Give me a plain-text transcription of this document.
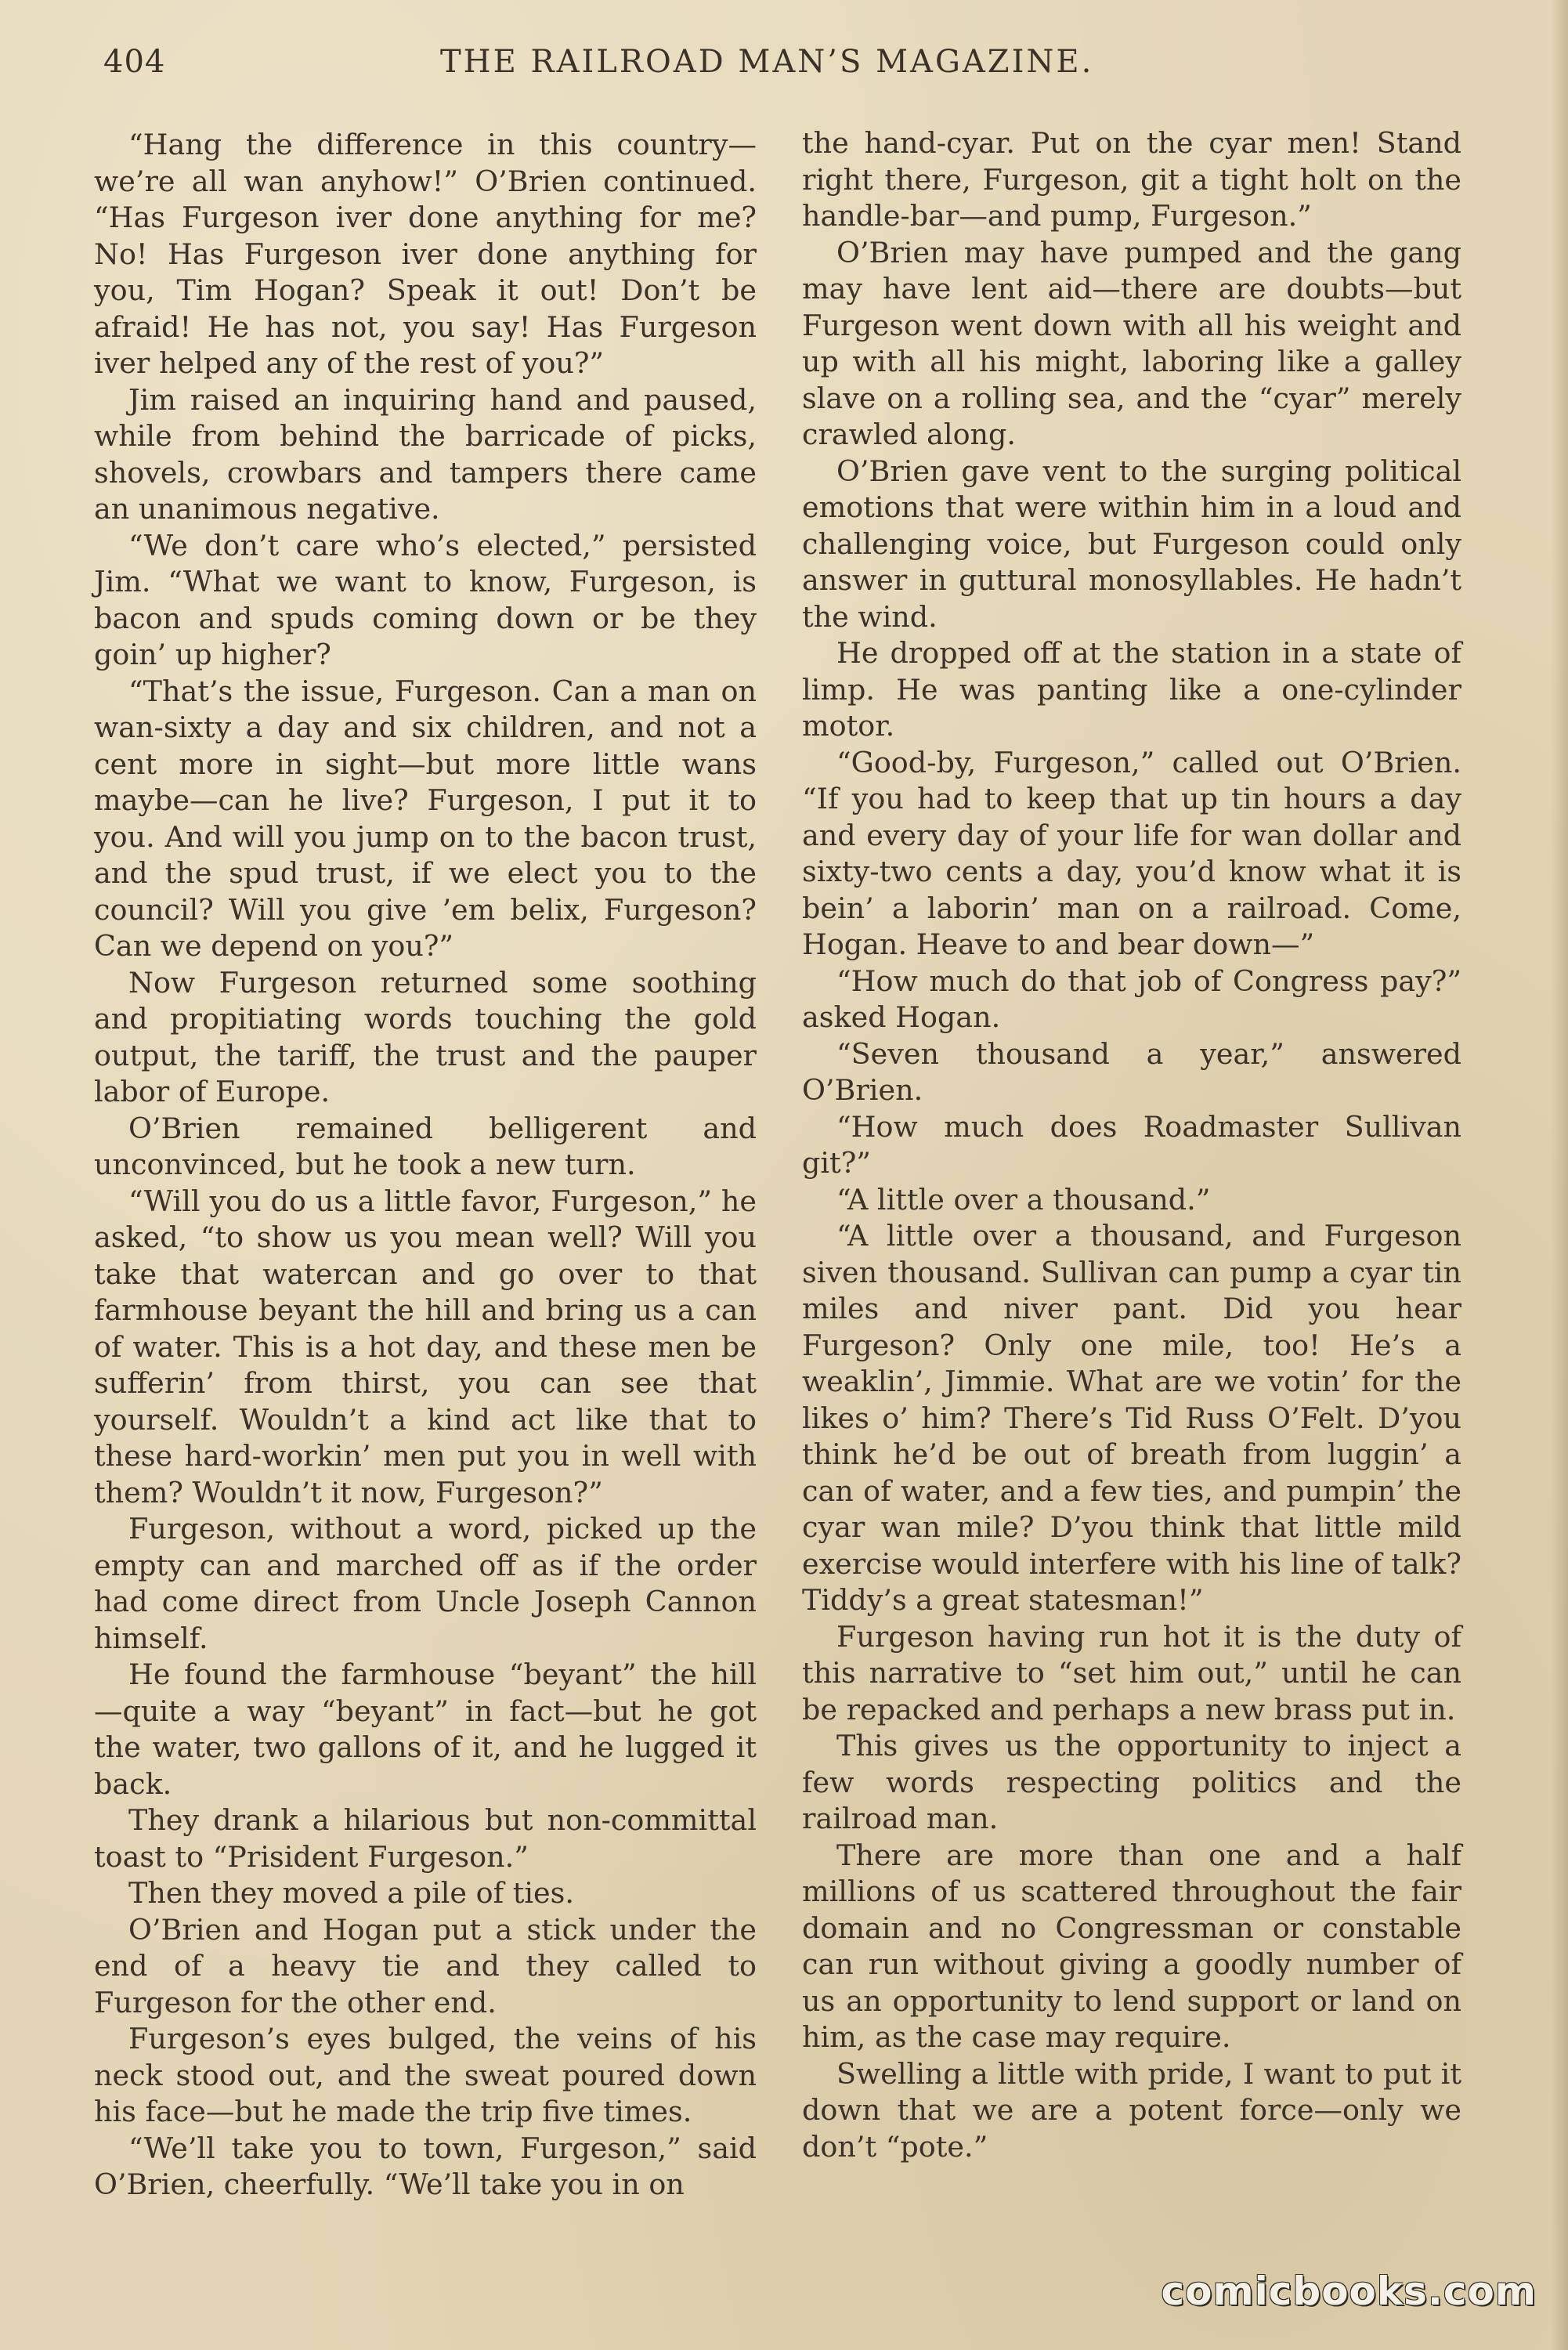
404	THE RAILROAD MAN’S MAGAZINE.

“Hang the difference in this country—we’re all wan anyhow!” O’Brien continued. “Has Furgeson iver done anything for me? No! Has Furgeson iver done anything for you, Tim Hogan? Speak it out! Don’t be afraid! He has not, you say! Has Furgeson iver helped any of the rest of you?”

Jim raised an inquiring hand and paused, while from behind the barricade of picks, shovels, crowbars and tampers there came an unanimous negative.

“We don’t care who’s elected,” persisted Jim. “What we want to know, Furgeson, is bacon and spuds coming down or be they goin’ up higher?

“That’s the issue, Furgeson. Can a man on wan-sixty a day and six children, and not a cent more in sight—but more little wans maybe—can he live? Furgeson, I put it to you. And will you jump on to the bacon trust, and the spud trust, if we elect you to the council? Will you give ’em belix, Furgeson? Can we depend on you?”

Now Furgeson returned some soothing and propitiating words touching the gold output, the tariff, the trust and the pauper labor of Europe.

O’Brien remained belligerent and unconvinced, but he took a new turn.

“Will you do us a little favor, Furgeson,” he asked, “to show us you mean well? Will you take that watercan and go over to that farmhouse beyant the hill and bring us a can of water. This is a hot day, and these men be sufferin’ from thirst, you can see that yourself. Wouldn’t a kind act like that to these hard-workin’ men put you in well with them? Wouldn’t it now, Furgeson?”

Furgeson, without a word, picked up the empty can and marched off as if the order had come direct from Uncle Joseph Cannon himself.

He found the farmhouse “beyant” the hill—quite a way “beyant” in fact—but he got the water, two gallons of it, and he lugged it back.

They drank a hilarious but non-committal toast to “Prisident Furgeson.”

Then they moved a pile of ties.

O’Brien and Hogan put a stick under the end of a heavy tie and they called to Furgeson for the other end.

Furgeson’s eyes bulged, the veins of his neck stood out, and the sweat poured down his face—but he made the trip five times.

“We’ll take you to town, Furgeson,” said O’Brien, cheerfully. “We’ll take you in on

the hand-cyar. Put on the cyar men! Stand right there, Furgeson, git a tight holt on the handle-bar—and pump, Furgeson.”

O’Brien may have pumped and the gang may have lent aid—there are doubts—but Furgeson went down with all his weight and up with all his might, laboring like a galley slave on a rolling sea, and the “cyar” merely crawled along.

O’Brien gave vent to the surging political emotions that were within him in a loud and challenging voice, but Furgeson could only answer in guttural monosyllables. He hadn’t the wind.

He dropped off at the station in a state of limp. He was panting like a one-cylinder motor.

“Good-by, Furgeson,” called out O’Brien. “If you had to keep that up tin hours a day and every day of your life for wan dollar and sixty-two cents a day, you’d know what it is bein’ a laborin’ man on a railroad. Come, Hogan. Heave to and bear down—”

“How much do that job of Congress pay?” asked Hogan.

“Seven thousand a year,” answered O’Brien.

“How much does Roadmaster Sullivan git?”

“A little over a thousand.”

“A little over a thousand, and Furgeson siven thousand. Sullivan can pump a cyar tin miles and niver pant. Did you hear Furgeson? Only one mile, too! He’s a weaklin’, Jimmie. What are we votin’ for the likes o’ him? There’s Tid Russ O’Felt. D’you think he’d be out of breath from luggin’ a can of water, and a few ties, and pumpin’ the cyar wan mile? D’you think that little mild exercise would interfere with his line of talk? Tiddy’s a great statesman!”

Furgeson having run hot it is the duty of this narrative to “set him out,” until he can be repacked and perhaps a new brass put in.

This gives us the opportunity to inject a few words respecting politics and the railroad man.

There are more than one and a half millions of us scattered throughout the fair domain and no Congressman or constable can run without giving a goodly number of us an opportunity to lend support or land on him, as the case may require.

Swelling a little with pride, I want to put it down that we are a potent force—only we don’t “pote.”

comicbooks.com
